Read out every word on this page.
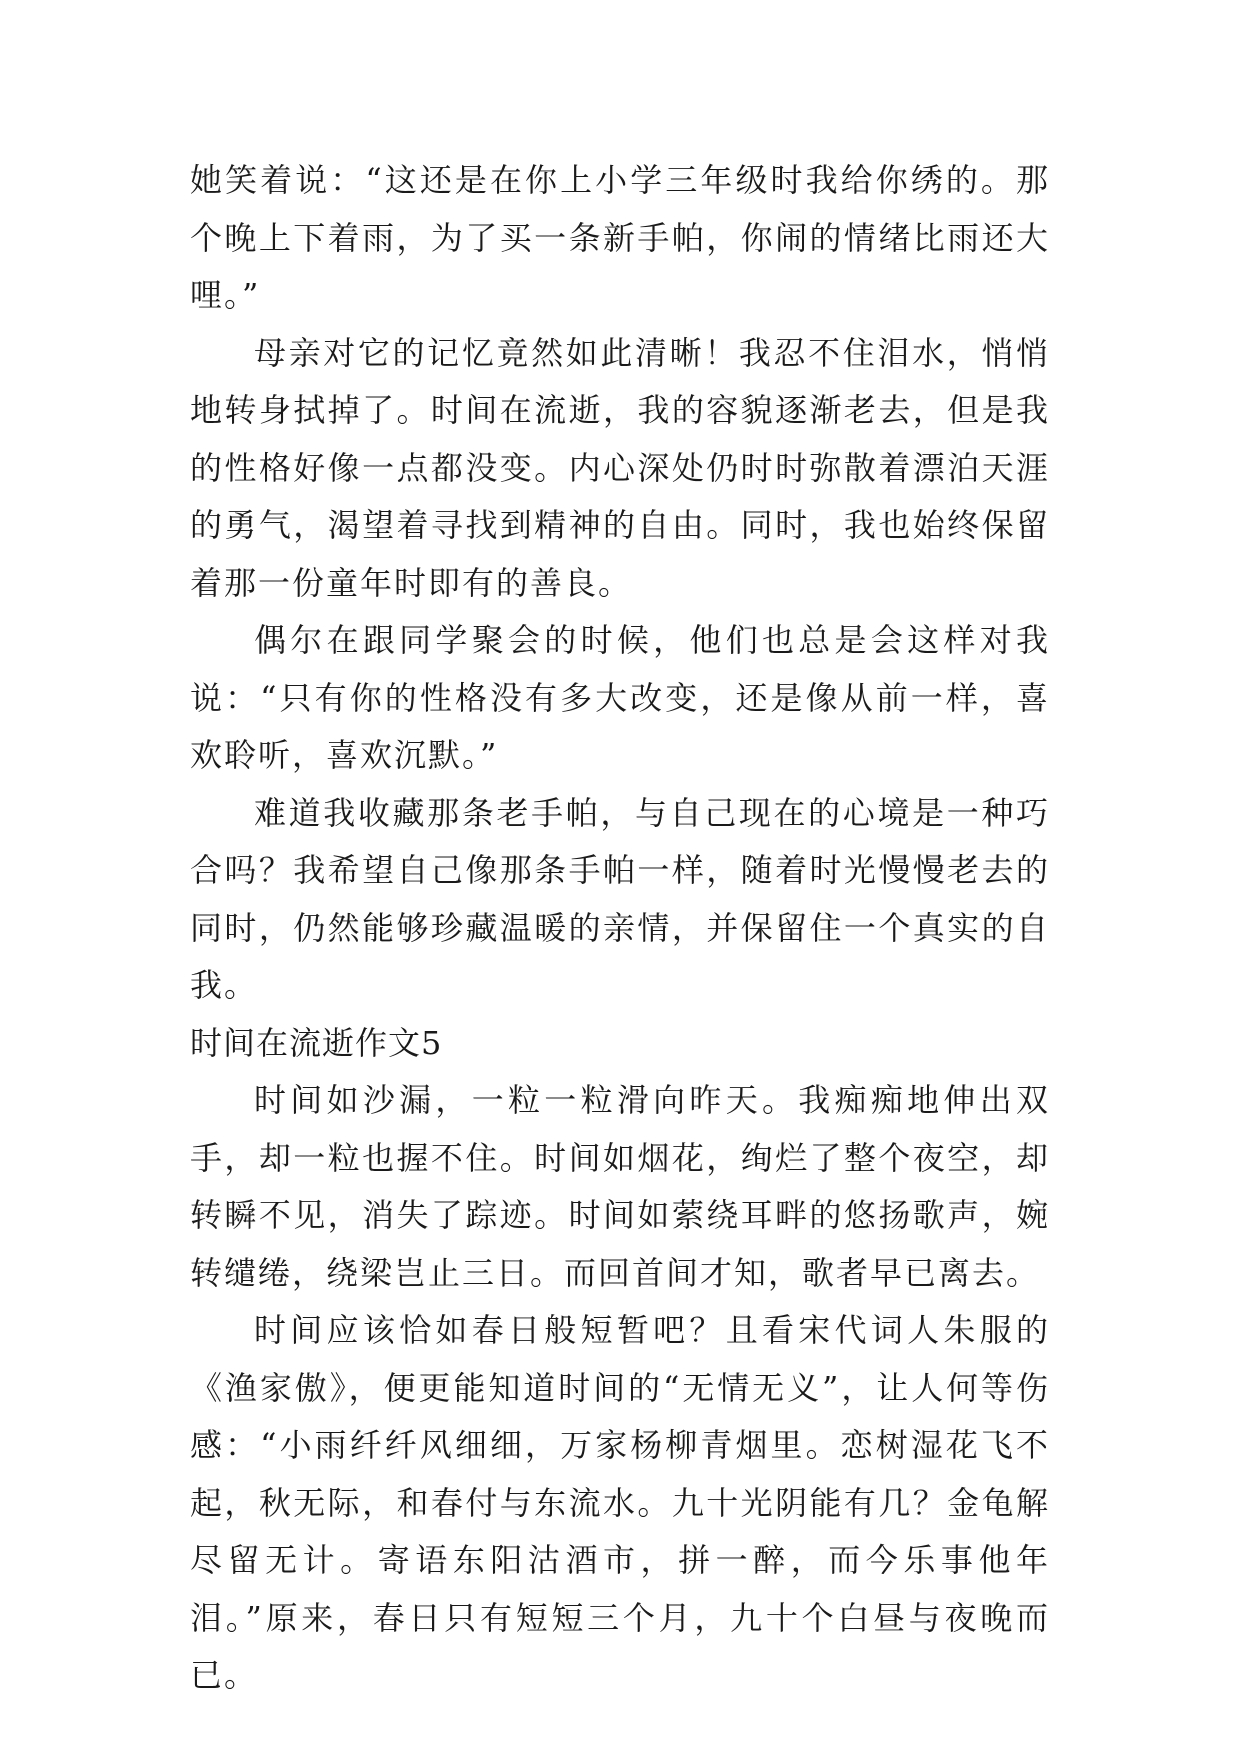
她笑着说：“这还是在你上小学三年级时我给你绣的。那个晚上下着雨，为了买一条新手帕，你闹的情绪比雨还大哩。”

母亲对它的记忆竟然如此清晰！我忍不住泪水，悄悄地转身拭掉了。时间在流逝，我的容貌逐渐老去，但是我的性格好像一点都没变。内心深处仍时时弥散着漂泊天涯的勇气，渴望着寻找到精神的自由。同时，我也始终保留着那一份童年时即有的善良。

偶尔在跟同学聚会的时候，他们也总是会这样对我说：“只有你的性格没有多大改变，还是像从前一样，喜欢聆听，喜欢沉默。”

难道我收藏那条老手帕，与自己现在的心境是一种巧合吗？我希望自己像那条手帕一样，随着时光慢慢老去的同时，仍然能够珍藏温暖的亲情，并保留住一个真实的自我。

时间在流逝作文5

时间如沙漏，一粒一粒滑向昨天。我痴痴地伸出双手，却一粒也握不住。时间如烟花，绚烂了整个夜空，却转瞬不见，消失了踪迹。时间如萦绕耳畔的悠扬歌声，婉转缱绻，绕梁岂止三日。而回首间才知，歌者早已离去。

时间应该恰如春日般短暂吧？且看宋代词人朱服的《渔家傲》，便更能知道时间的“无情无义”，让人何等伤感：“小雨纤纤风细细，万家杨柳青烟里。恋树湿花飞不起，秋无际，和春付与东流水。九十光阴能有几？金龟解尽留无计。寄语东阳沽酒市，拼一醉，而今乐事他年泪。”原来，春日只有短短三个月，九十个白昼与夜晚而已。
